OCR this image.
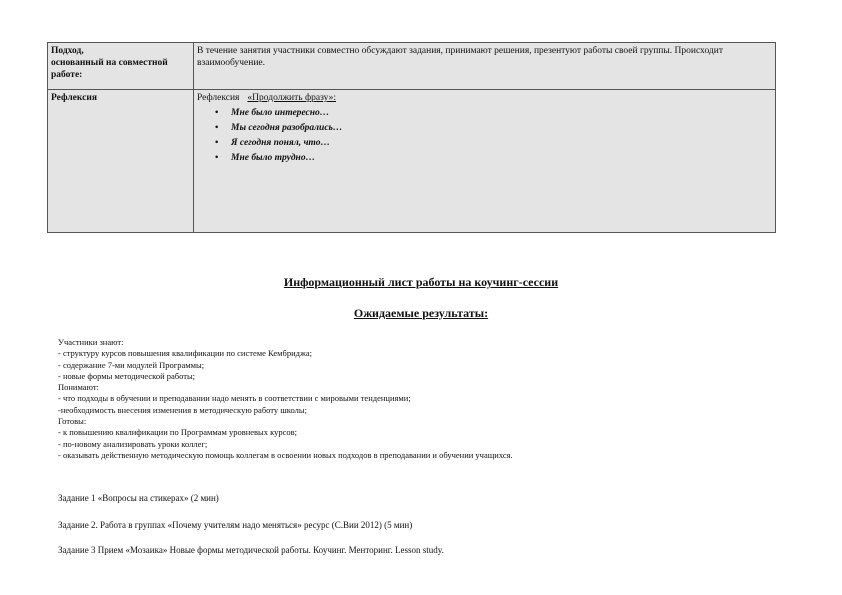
Подход,
основанный на совместной
работе:
В течение занятия участники совместно обсуждают задания, принимают решения, презентуют работы своей группы. Происходит взаимообучение.
Рефлексия	Рефлексия «Продолжить фразу»:
• Мне было интересно…
• Мы сегодня разобрались…
• Я сегодня понял, что…
• Мне было трудно…
Информационный лист работы на коучинг-сессии
Ожидаемые результаты:
Участники знают:
- структуру курсов повышения квалификации по системе Кембриджа;
- содержание 7-ми модулей Программы;
- новые формы методической работы;
Понимают:
- что подходы в обучении и преподавании надо менять в соответствии с мировыми тенденциями;
-необходимость внесения изменения в методическую работу школы;
Готовы:
- к повышению квалификации по Программам уровневых курсов;
- по-новому анализировать уроки коллег;
- оказывать действенную методическую помощь коллегам в освоении новых подходов в преподавании и обучении учащихся.
Задание 1 «Вопросы на стикерах» (2 мин)
Задание 2. Работа в группах «Почему учителям надо меняться» ресурс (С.Вии 2012) (5 мин)
Задание 3 Прием «Мозаика» Новые формы методической работы. Коучинг. Менторинг. Lesson study.
